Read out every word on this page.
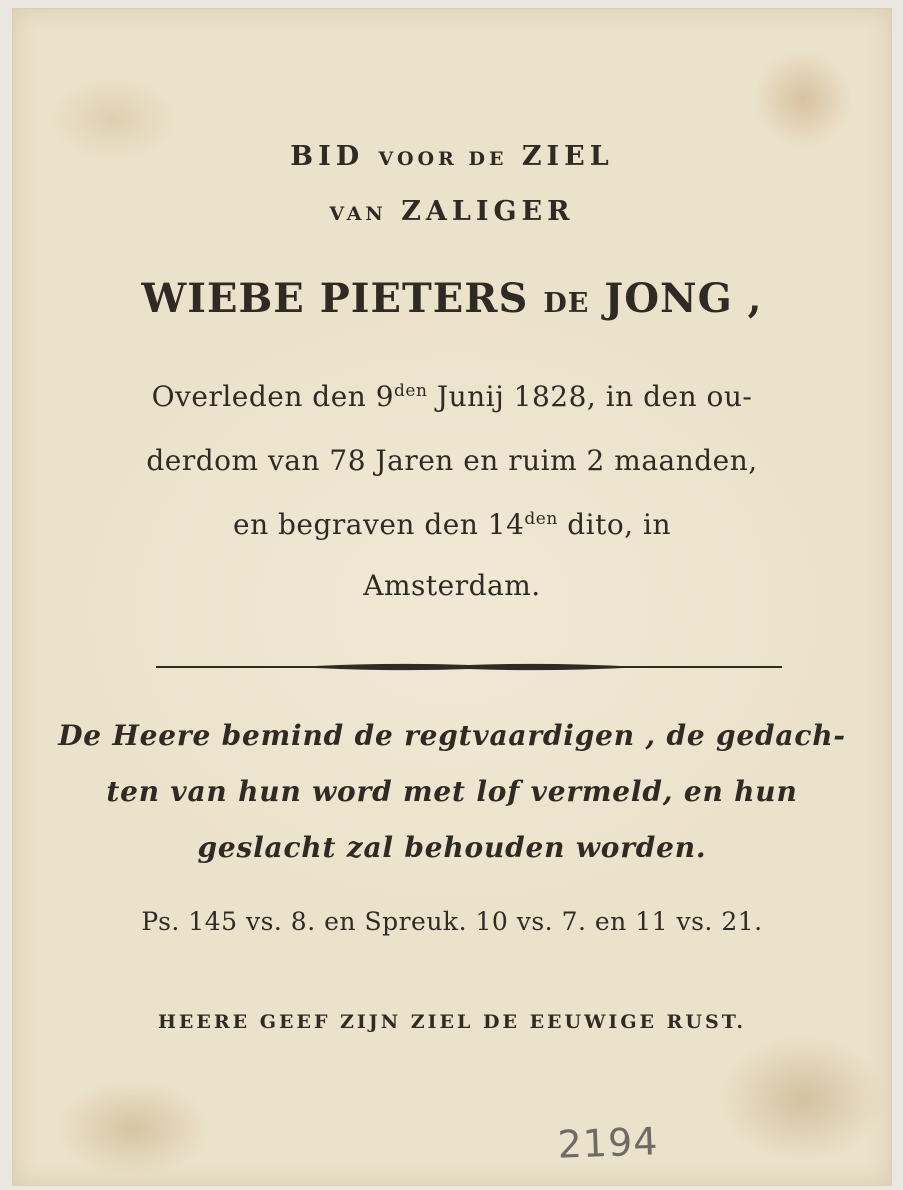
BID VOOR DE ZIEL
VAN ZALIGER
WIEBE PIETERS DE JONG ,
Overleden den $9^{den}$ Junij 1828, in den ou-
derdom van 78 Jaren en ruim 2 maanden,
en begraven den $14^{den}$ dito, in
Amsterdam.
De Heere bemind de regtvaardigen , de gedach-
ten van hun word met lof vermeld, en hun
geslacht zal behouden worden.
Ps. 145 vs. 8. en Spreuk. 10 vs. 7. en 11 vs. 21.
HEERE GEEF ZIJN ZIEL DE EEUWIGE RUST.
2194
